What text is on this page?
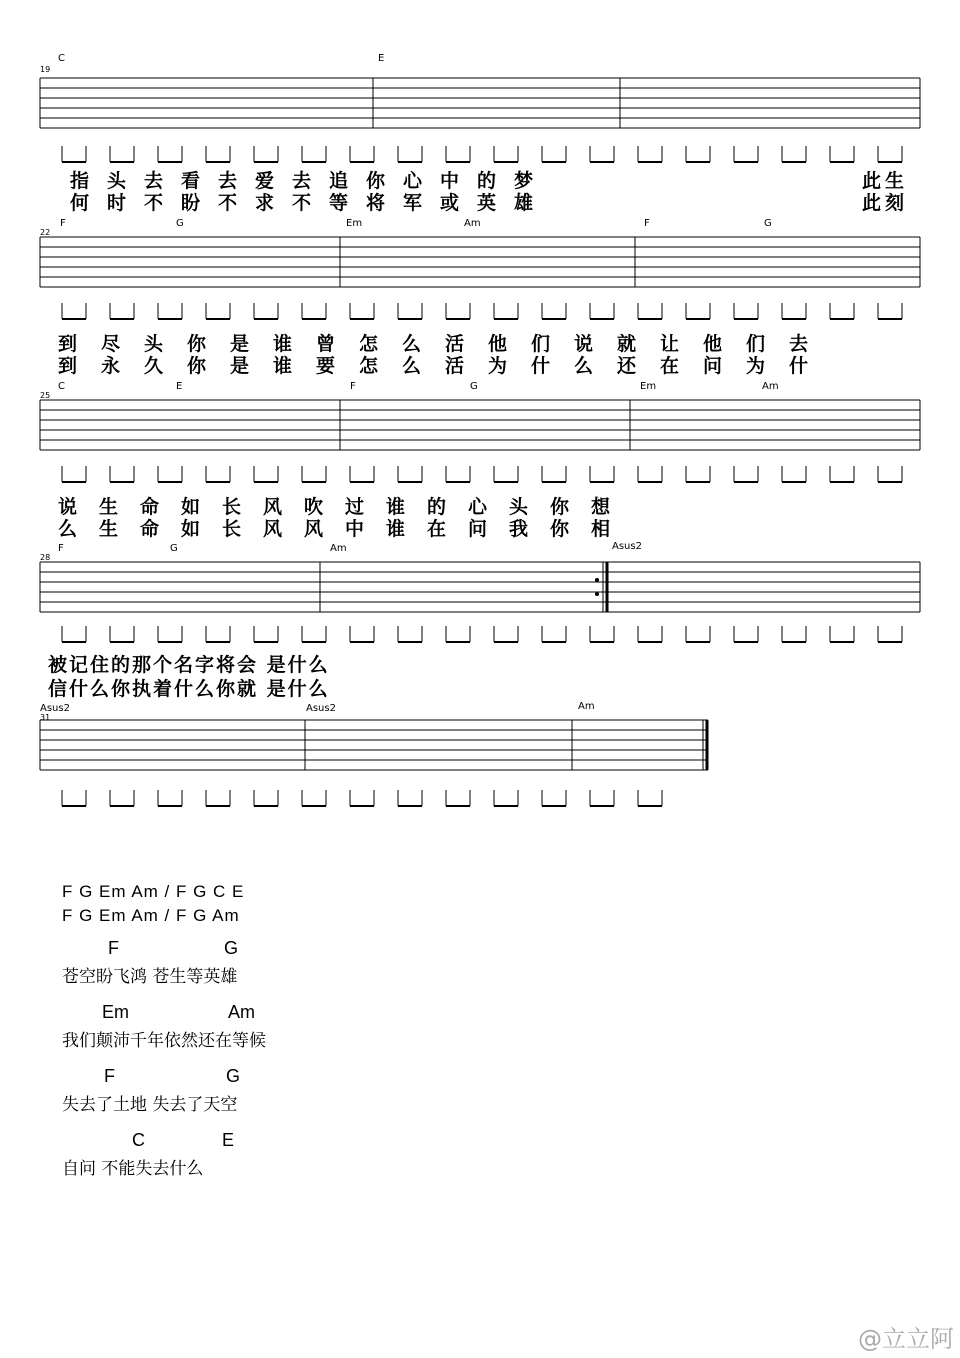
19
C	E
指头去看去爱去追你心中的梦
何时不盼不求不等将军或英雄
此生
此刻
22
F	G	Em	Am	F	G
到尽头你是谁曾怎么活他们说就让他们去
到永久你是谁要怎么活为什么还在问为什
25
C	E	F	G	Em	Am
说生命如长风吹过谁的心头你想
么生命如长风风中谁在问我你相
28
F	G	Am	Asus2
被记住的那个名字将会 是什么
信什么你执着什么你就 是什么
31
Asus2	Asus2	Am
F G Em Am / F G C E
F G Em Am / F G Am
F	G
苍空盼飞鸿 苍生等英雄
Em	Am
我们颠沛千年依然还在等候
F	G
失去了土地 失去了天空
C	E
自问 不能失去什么
@立立阿
